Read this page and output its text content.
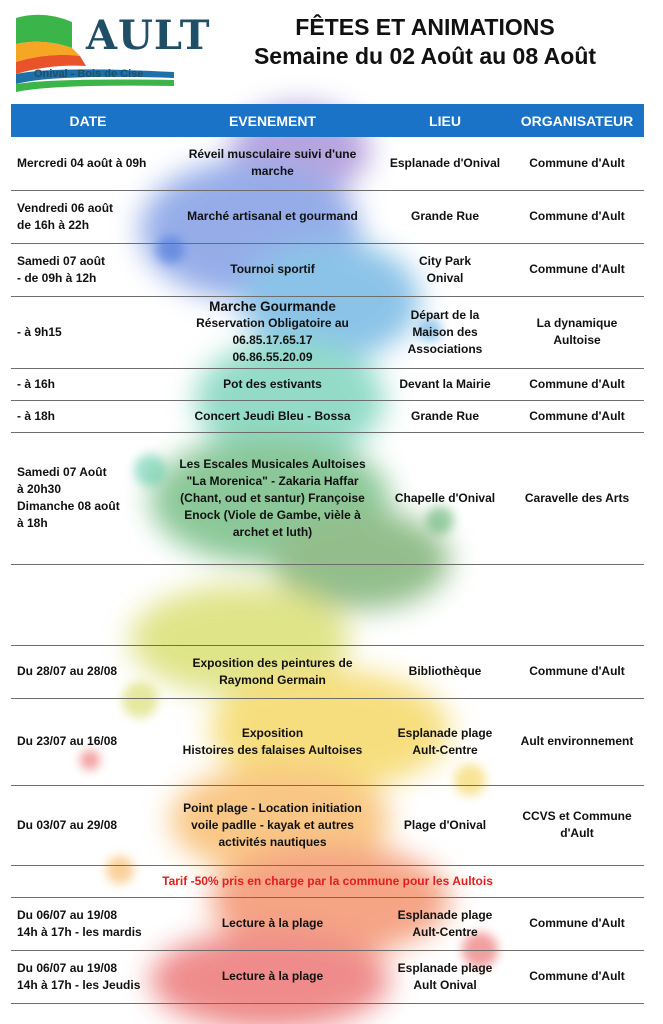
AULT
Onival - Bois de Cise
FÊTES ET ANIMATIONS
Semaine du 02 Août au 08 Août
DATE	EVENEMENT	LIEU	ORGANISATEUR

Mercredi 04 août à 09h	Réveil musculaire suivi d'une
marche	Esplanade d'Onival	Commune d'Ault

Vendredi 06 août
de 16h à 22h	Marché artisanal et gourmand	Grande Rue	Commune d'Ault

Samedi 07 août
- de 09h à 12h	Tournoi sportif	City Park
Onival	Commune d'Ault

- à 9h15	Marche Gourmande
Réservation Obligatoire au
06.85.17.65.17
06.86.55.20.09	Départ de la
Maison des
Associations	La dynamique
Aultoise

- à 16h	Pot des estivants	Devant la Mairie	Commune d'Ault

- à 18h	Concert Jeudi Bleu - Bossa	Grande Rue	Commune d'Ault

Samedi 07 Août
à 20h30
Dimanche 08 août
à 18h	Les Escales Musicales Aultoises
"La Morenica" - Zakaria Haffar
(Chant, oud et santur) Françoise
Enock (Viole de Gambe, vièle à
archet et luth)	Chapelle d'Onival	Caravelle des Arts

Du 28/07 au 28/08	Exposition des peintures de
Raymond Germain	Bibliothèque	Commune d'Ault

Du 23/07 au 16/08	Exposition
Histoires des falaises Aultoises	Esplanade plage
Ault-Centre	Ault environnement

Du 03/07 au 29/08	Point plage - Location initiation
voile padlle - kayak et autres
activités nautiques	Plage d'Onival	CCVS et Commune
d'Ault

Tarif -50% pris en charge par la commune pour les Aultois			

Du 06/07 au 19/08
14h à 17h - les mardis	Lecture à la plage	Esplanade plage
Ault-Centre	Commune d'Ault

Du 06/07 au 19/08
14h à 17h - les Jeudis	Lecture à la plage	Esplanade plage
Ault Onival	Commune d'Ault
